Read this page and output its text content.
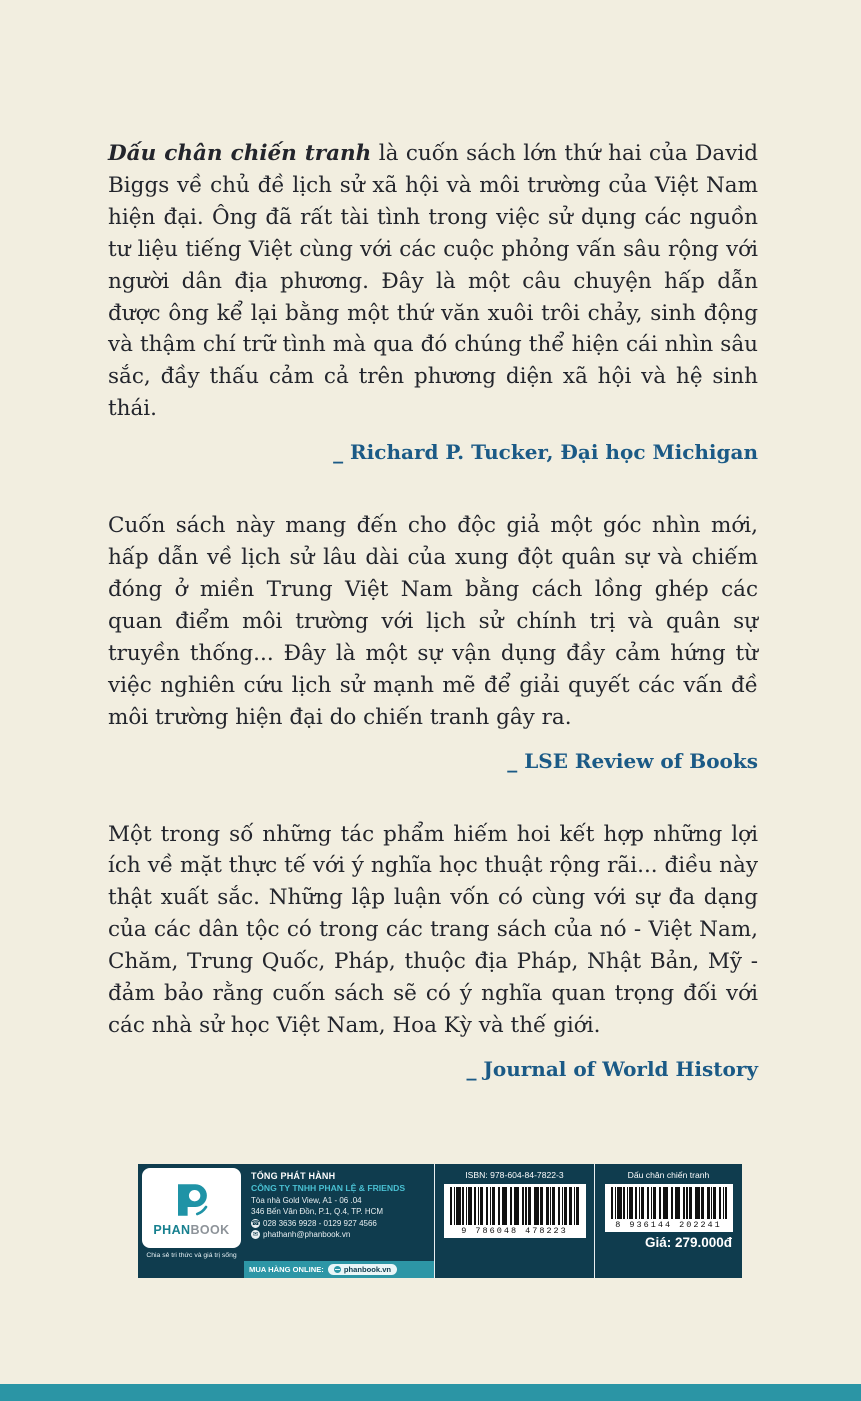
Dấu chân chiến tranh là cuốn sách lớn thứ hai của David Biggs về chủ đề lịch sử xã hội và môi trường của Việt Nam hiện đại. Ông đã rất tài tình trong việc sử dụng các nguồn tư liệu tiếng Việt cùng với các cuộc phỏng vấn sâu rộng với người dân địa phương. Đây là một câu chuyện hấp dẫn được ông kể lại bằng một thứ văn xuôi trôi chảy, sinh động và thậm chí trữ tình mà qua đó chúng thể hiện cái nhìn sâu sắc, đầy thấu cảm cả trên phương diện xã hội và hệ sinh thái.

_ Richard P. Tucker, Đại học Michigan

Cuốn sách này mang đến cho độc giả một góc nhìn mới, hấp dẫn về lịch sử lâu dài của xung đột quân sự và chiếm đóng ở miền Trung Việt Nam bằng cách lồng ghép các quan điểm môi trường với lịch sử chính trị và quân sự truyền thống... Đây là một sự vận dụng đầy cảm hứng từ việc nghiên cứu lịch sử mạnh mẽ để giải quyết các vấn đề môi trường hiện đại do chiến tranh gây ra.

_ LSE Review of Books

Một trong số những tác phẩm hiếm hoi kết hợp những lợi ích về mặt thực tế với ý nghĩa học thuật rộng rãi... điều này thật xuất sắc. Những lập luận vốn có cùng với sự đa dạng của các dân tộc có trong các trang sách của nó - Việt Nam, Chăm, Trung Quốc, Pháp, thuộc địa Pháp, Nhật Bản, Mỹ - đảm bảo rằng cuốn sách sẽ có ý nghĩa quan trọng đối với các nhà sử học Việt Nam, Hoa Kỳ và thế giới.

_ Journal of World History
PHANBOOK
Chia sẻ tri thức và giá trị sống
TỔNG PHÁT HÀNH
CÔNG TY TNHH PHAN LỆ & FRIENDS
Tòa nhà Gold View, A1 - 06 .04
346 Bến Vân Đồn, P.1, Q.4, TP. HCM
☎ 028 3636 9928 - 0129 927 4566
✉ phathanh@phanbook.vn
MUA HÀNG ONLINE:	phanbook.vn
ISBN: 978-604-84-7822-3
9 786048 478223
Dấu chân chiến tranh
8 936144 202241
Giá: 279.000đ
